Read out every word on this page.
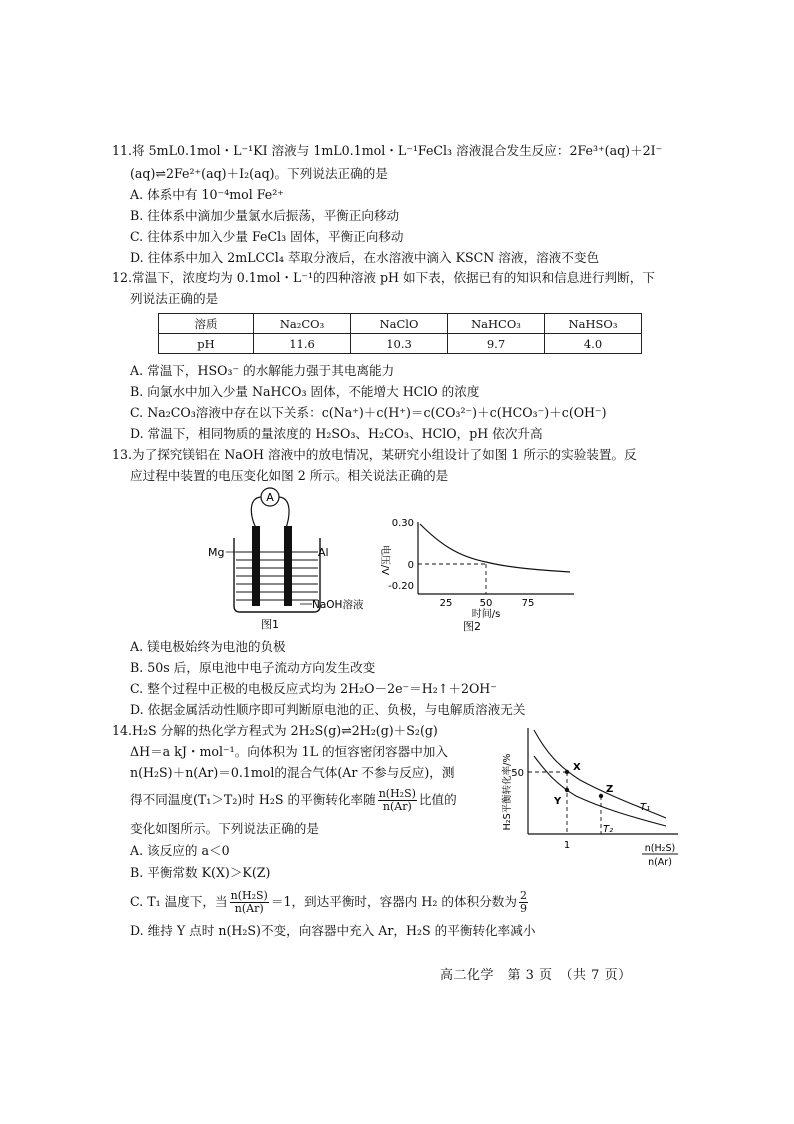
11.将 5mL0.1mol・L⁻¹KI 溶液与 1mL0.1mol・L⁻¹FeCl₃ 溶液混合发生反应：2Fe³⁺(aq)＋2I⁻
(aq)⇌2Fe²⁺(aq)＋I₂(aq)。下列说法正确的是
A. 体系中有 10⁻⁴mol Fe²⁺
B. 往体系中滴加少量氯水后振荡，平衡正向移动
C. 往体系中加入少量 FeCl₃ 固体，平衡正向移动
D. 往体系中加入 2mLCCl₄ 萃取分液后，在水溶液中滴入 KSCN 溶液，溶液不变色
12.常温下，浓度均为 0.1mol・L⁻¹的四种溶液 pH 如下表，依据已有的知识和信息进行判断，下
列说法正确的是
溶质	Na₂CO₃	NaClO	NaHCO₃	NaHSO₃
pH	11.6	10.3	9.7	4.0
A. 常温下，HSO₃⁻ 的水解能力强于其电离能力
B. 向氯水中加入少量 NaHCO₃ 固体，不能增大 HClO 的浓度
C. Na₂CO₃溶液中存在以下关系：c(Na⁺)＋c(H⁺)＝c(CO₃²⁻)＋c(HCO₃⁻)＋c(OH⁻)
D. 常温下，相同物质的量浓度的 H₂SO₃、H₂CO₃、HClO，pH 依次升高
13.为了探究镁铝在 NaOH 溶液中的放电情况，某研究小组设计了如图 1 所示的实验装置。反
应过程中装置的电压变化如图 2 所示。相关说法正确的是
A
Mg	Al
NaOH溶液
图1
0.30
0
-0.20
电压/V
25	50	75
时间/s
图2
A. 镁电极始终为电池的负极
B. 50s 后，原电池中电子流动方向发生改变
C. 整个过程中正极的电极反应式均为 2H₂O－2e⁻＝H₂↑＋2OH⁻
D. 依据金属活动性顺序即可判断原电池的正、负极，与电解质溶液无关
14.H₂S 分解的热化学方程式为 2H₂S(g)⇌2H₂(g)＋S₂(g)
ΔH＝a kJ・mol⁻¹。向体积为 1L 的恒容密闭容器中加入
n(H₂S)＋n(Ar)＝0.1mol的混合气体(Ar 不参与反应)，测
得不同温度(T₁＞T₂)时 H₂S 的平衡转化率随 $\frac{\text{n(H₂S)}}{n(Ar)}$ 比值的
变化如图所示。下列说法正确的是
A. 该反应的 a＜0
B. 平衡常数 K(X)＞K(Z)
C. T₁ 温度下，当 $\frac{\text{n(H₂S)}}{n(Ar)} =1$，到达平衡时，容器内 H₂ 的体积分数为 $\frac{2}{9}$
D. 维持 Y 点时 n(H₂S)不变，向容器中充入 Ar，H₂S 的平衡转化率减小
H₂S平衡转化率/%
50
X
Y
Z
T₁
T₂
1	n(H₂S)
n(Ar)
高二化学　第 3 页　（共 7 页）
